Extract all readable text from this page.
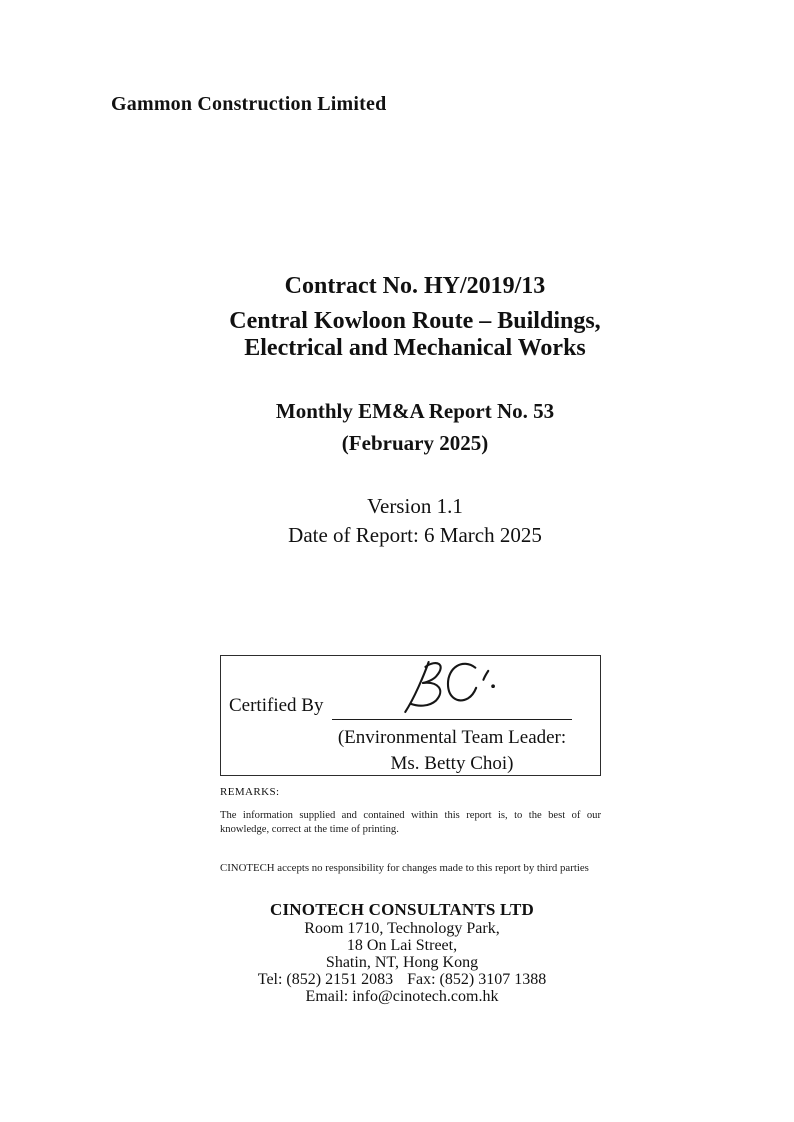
Gammon Construction Limited
Contract No. HY/2019/13
Central Kowloon Route – Buildings,
Electrical and Mechanical Works
Monthly EM&A Report No. 53
(February 2025)
Version 1.1
Date of Report: 6 March 2025
Certified By
(Environmental Team Leader:
Ms. Betty Choi)
REMARKS:
The information supplied and contained within this report is, to the best of our
knowledge, correct at the time of printing.
CINOTECH accepts no responsibility for changes made to this report by third parties
CINOTECH CONSULTANTS LTD
Room 1710, Technology Park,
18 On Lai Street,
Shatin, NT, Hong Kong
Tel: (852) 2151 2083 Fax: (852) 3107 1388
Email: info@cinotech.com.hk
